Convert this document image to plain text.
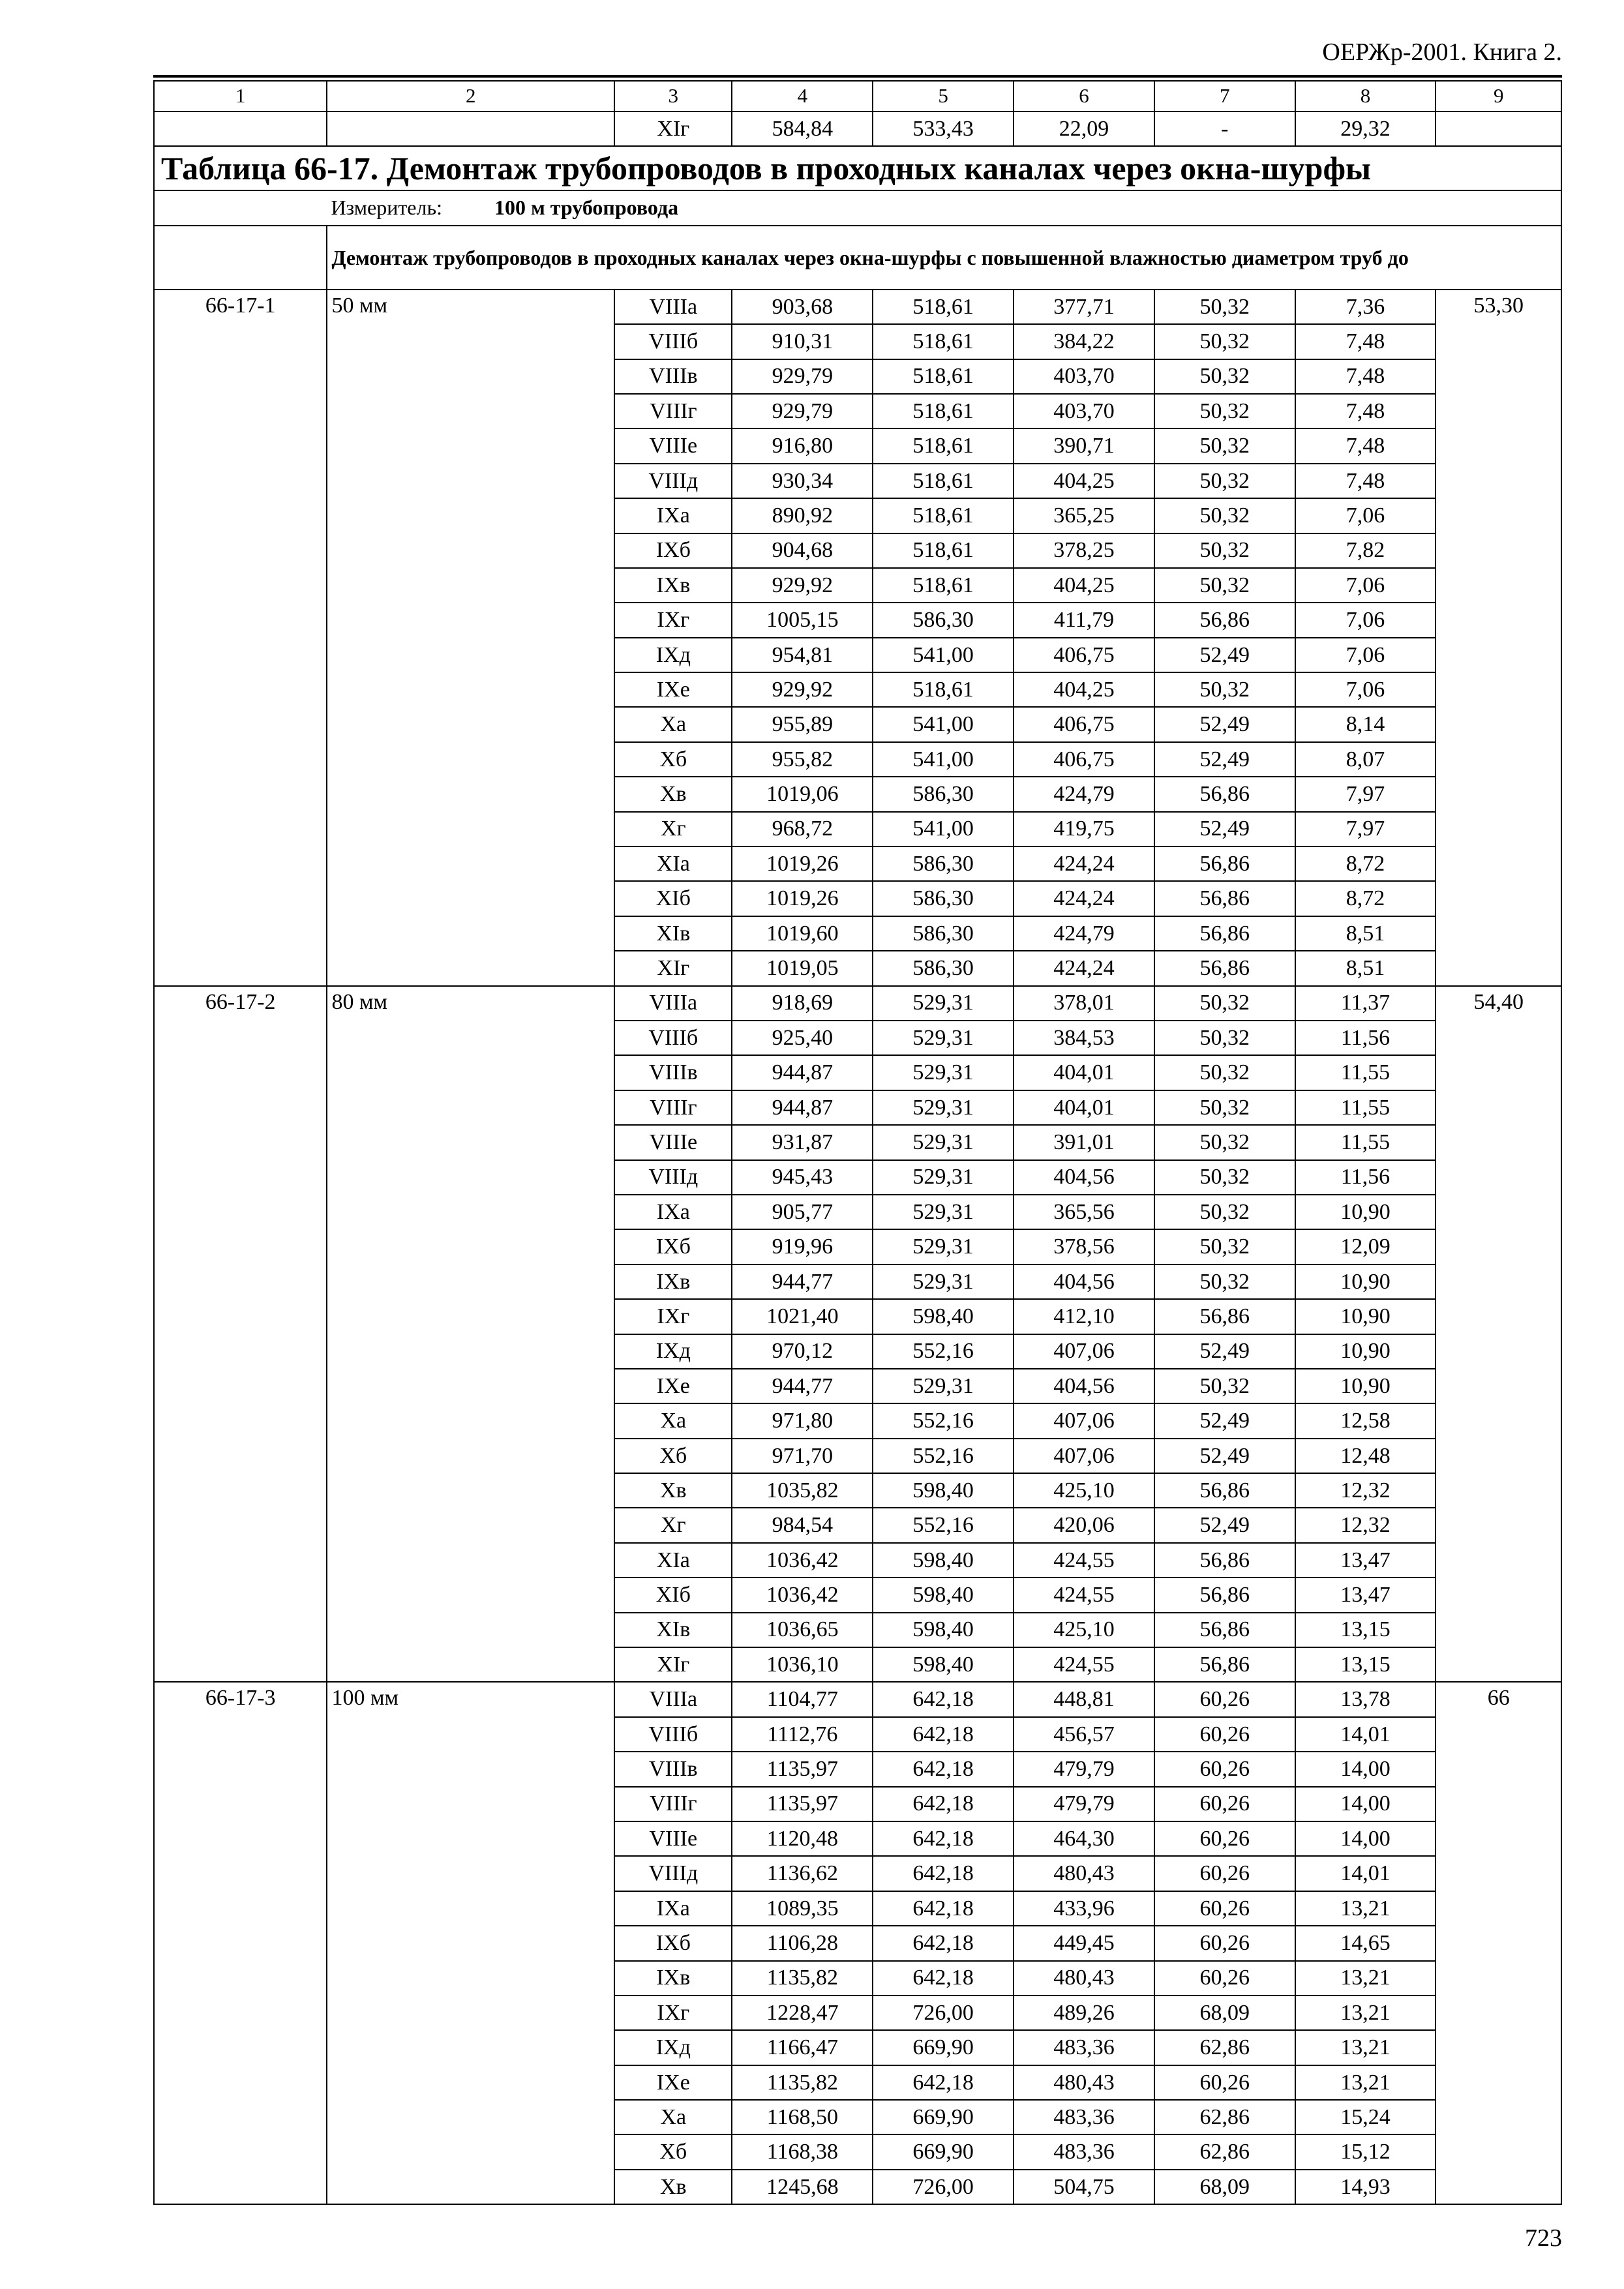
ОЕРЖр-2001. Книга 2.
1	2	3	4	5	6	7	8	9
		XIг	584,84	533,43	22,09	-	29,32	
Таблица 66-17. Демонтаж трубопроводов в проходных каналах через окна-шурфы								
	Измеритель: 100 м трубопровода							
	Демонтаж трубопроводов в проходных каналах через окна-шурфы с повышенной влажностью диаметром труб до							
66-17-1	50 мм	VIIIа	903,68	518,61	377,71	50,32	7,36	53,30
		VIIIб	910,31	518,61	384,22	50,32	7,48	
		VIIIв	929,79	518,61	403,70	50,32	7,48	
		VIIIг	929,79	518,61	403,70	50,32	7,48	
		VIIIе	916,80	518,61	390,71	50,32	7,48	
		VIIIд	930,34	518,61	404,25	50,32	7,48	
		IXа	890,92	518,61	365,25	50,32	7,06	
		IXб	904,68	518,61	378,25	50,32	7,82	
		IXв	929,92	518,61	404,25	50,32	7,06	
		IXг	1005,15	586,30	411,79	56,86	7,06	
		IXд	954,81	541,00	406,75	52,49	7,06	
		IXе	929,92	518,61	404,25	50,32	7,06	
		Xа	955,89	541,00	406,75	52,49	8,14	
		Xб	955,82	541,00	406,75	52,49	8,07	
		Xв	1019,06	586,30	424,79	56,86	7,97	
		Xг	968,72	541,00	419,75	52,49	7,97	
		XIа	1019,26	586,30	424,24	56,86	8,72	
		XIб	1019,26	586,30	424,24	56,86	8,72	
		XIв	1019,60	586,30	424,79	56,86	8,51	
		XIг	1019,05	586,30	424,24	56,86	8,51	
66-17-2	80 мм	VIIIа	918,69	529,31	378,01	50,32	11,37	54,40
		VIIIб	925,40	529,31	384,53	50,32	11,56	
		VIIIв	944,87	529,31	404,01	50,32	11,55	
		VIIIг	944,87	529,31	404,01	50,32	11,55	
		VIIIе	931,87	529,31	391,01	50,32	11,55	
		VIIIд	945,43	529,31	404,56	50,32	11,56	
		IXа	905,77	529,31	365,56	50,32	10,90	
		IXб	919,96	529,31	378,56	50,32	12,09	
		IXв	944,77	529,31	404,56	50,32	10,90	
		IXг	1021,40	598,40	412,10	56,86	10,90	
		IXд	970,12	552,16	407,06	52,49	10,90	
		IXе	944,77	529,31	404,56	50,32	10,90	
		Xа	971,80	552,16	407,06	52,49	12,58	
		Xб	971,70	552,16	407,06	52,49	12,48	
		Xв	1035,82	598,40	425,10	56,86	12,32	
		Xг	984,54	552,16	420,06	52,49	12,32	
		XIа	1036,42	598,40	424,55	56,86	13,47	
		XIб	1036,42	598,40	424,55	56,86	13,47	
		XIв	1036,65	598,40	425,10	56,86	13,15	
		XIг	1036,10	598,40	424,55	56,86	13,15	
66-17-3	100 мм	VIIIа	1104,77	642,18	448,81	60,26	13,78	66
		VIIIб	1112,76	642,18	456,57	60,26	14,01	
		VIIIв	1135,97	642,18	479,79	60,26	14,00	
		VIIIг	1135,97	642,18	479,79	60,26	14,00	
		VIIIе	1120,48	642,18	464,30	60,26	14,00	
		VIIIд	1136,62	642,18	480,43	60,26	14,01	
		IXа	1089,35	642,18	433,96	60,26	13,21	
		IXб	1106,28	642,18	449,45	60,26	14,65	
		IXв	1135,82	642,18	480,43	60,26	13,21	
		IXг	1228,47	726,00	489,26	68,09	13,21	
		IXд	1166,47	669,90	483,36	62,86	13,21	
		IXе	1135,82	642,18	480,43	60,26	13,21	
		Xа	1168,50	669,90	483,36	62,86	15,24	
		Xб	1168,38	669,90	483,36	62,86	15,12	
		Xв	1245,68	726,00	504,75	68,09	14,93	
723
